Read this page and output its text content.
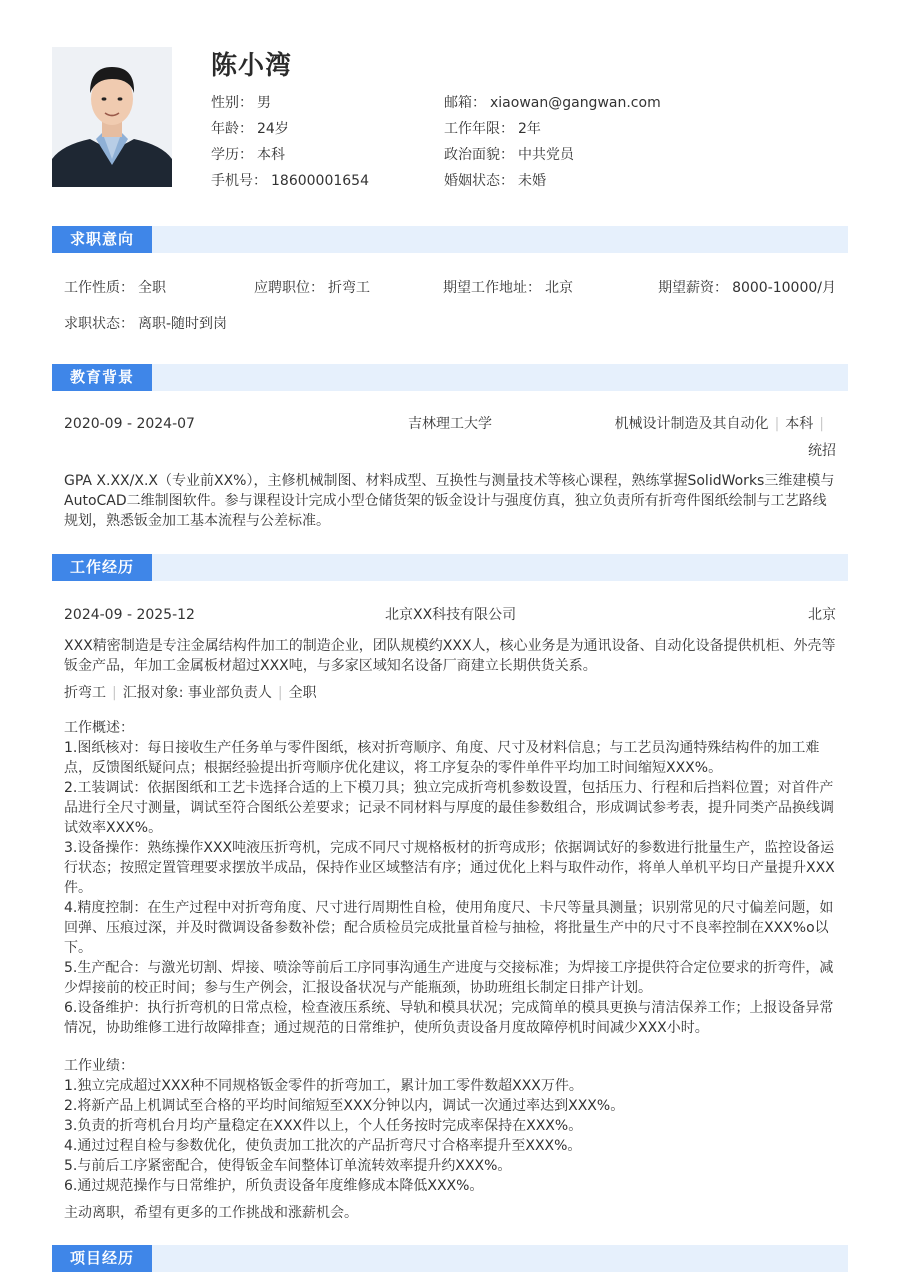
陈小湾
性别： 男
年龄： 24岁
学历： 本科
手机号： 18600001654
邮箱： xiaowan@gangwan.com
工作年限： 2年
政治面貌： 中共党员
婚姻状态： 未婚
求职意向
工作性质： 全职	应聘职位： 折弯工	期望工作地址： 北京	期望薪资： 8000-10000/月
求职状态： 离职-随时到岗
教育背景
2020-09 - 2024-07	吉林理工大学	机械设计制造及其自动化 | 本科 |
统招
GPA X.XX/X.X（专业前XX%），主修机械制图、材料成型、互换性与测量技术等核心课程，熟练掌握SolidWorks三维建模与AutoCAD二维制图软件。参与课程设计完成小型仓储货架的钣金设计与强度仿真，独立负责所有折弯件图纸绘制与工艺路线规划，熟悉钣金加工基本流程与公差标准。
工作经历
2024-09 - 2025-12	北京XX科技有限公司	北京
XXX精密制造是专注金属结构件加工的制造企业，团队规模约XXX人，核心业务是为通讯设备、自动化设备提供机柜、外壳等钣金产品，年加工金属板材超过XXX吨，与多家区域知名设备厂商建立长期供货关系。
折弯工 | 汇报对象: 事业部负责人 | 全职

工作概述：

1.图纸核对：每日接收生产任务单与零件图纸，核对折弯顺序、角度、尺寸及材料信息；与工艺员沟通特殊结构件的加工难点，反馈图纸疑问点；根据经验提出折弯顺序优化建议，将工序复杂的零件单件平均加工时间缩短XXX%。

2.工装调试：依据图纸和工艺卡选择合适的上下模刀具；独立完成折弯机参数设置，包括压力、行程和后挡料位置；对首件产品进行全尺寸测量，调试至符合图纸公差要求；记录不同材料与厚度的最佳参数组合，形成调试参考表，提升同类产品换线调试效率XXX%。

3.设备操作：熟练操作XXX吨液压折弯机，完成不同尺寸规格板材的折弯成形；依据调试好的参数进行批量生产，监控设备运行状态；按照定置管理要求摆放半成品，保持作业区域整洁有序；通过优化上料与取件动作，将单人单机平均日产量提升XXX件。

4.精度控制：在生产过程中对折弯角度、尺寸进行周期性自检，使用角度尺、卡尺等量具测量；识别常见的尺寸偏差问题，如回弹、压痕过深，并及时微调设备参数补偿；配合质检员完成批量首检与抽检，将批量生产中的尺寸不良率控制在XXX%o以下。

5.生产配合：与激光切割、焊接、喷涂等前后工序同事沟通生产进度与交接标准；为焊接工序提供符合定位要求的折弯件，减少焊接前的校正时间；参与生产例会，汇报设备状况与产能瓶颈，协助班组长制定日排产计划。

6.设备维护：执行折弯机的日常点检，检查液压系统、导轨和模具状况；完成简单的模具更换与清洁保养工作；上报设备异常情况，协助维修工进行故障排查；通过规范的日常维护，使所负责设备月度故障停机时间减少XXX小时。

工作业绩：

1.独立完成超过XXX种不同规格钣金零件的折弯加工，累计加工零件数超XXX万件。

2.将新产品上机调试至合格的平均时间缩短至XXX分钟以内，调试一次通过率达到XXX%。

3.负责的折弯机台月均产量稳定在XXX件以上，个人任务按时完成率保持在XXX%。

4.通过过程自检与参数优化，使负责加工批次的产品折弯尺寸合格率提升至XXX%。

5.与前后工序紧密配合，使得钣金车间整体订单流转效率提升约XXX%。

6.通过规范操作与日常维护，所负责设备年度维修成本降低XXX%。

主动离职，希望有更多的工作挑战和涨薪机会。
项目经历
